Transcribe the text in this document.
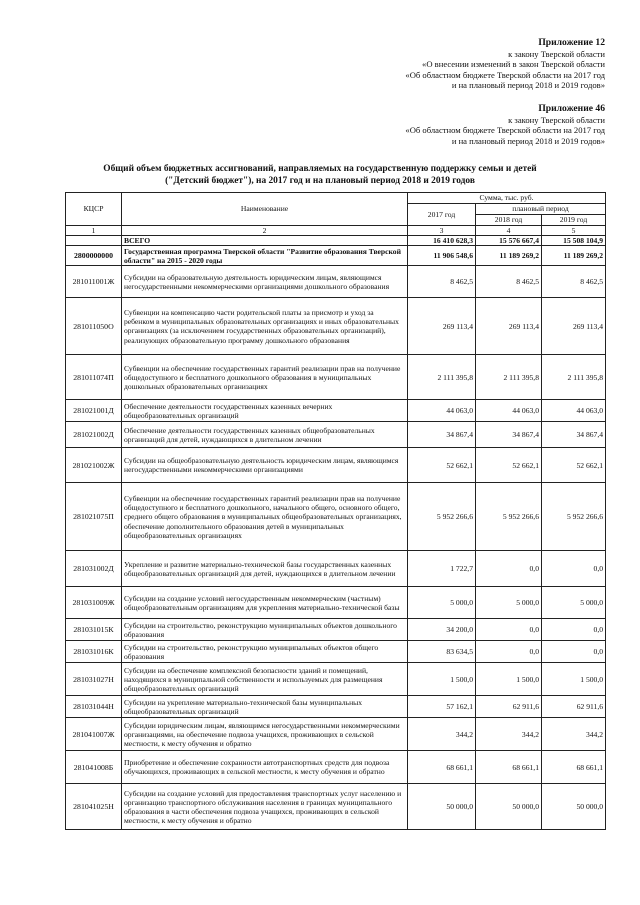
Приложение 12
к закону Тверской области
«О внесении изменений в закон Тверской области
«Об областном бюджете Тверской области на 2017 год
и на плановый период 2018 и 2019 годов»
Приложение 46
к закону Тверской области
«Об областном бюджете Тверской области на 2017 год
и на плановый период 2018 и 2019 годов»
Общий объем бюджетных ассигнований, направляемых на государственную поддержку семьи и детей
("Детский бюджет"), на 2017 год и на плановый период 2018 и 2019 годов
КЦСР	Наименование	Сумма, тыс. руб.		
		2017 год	плановый период	
			2018 год	2019 год
1	2	3	4	5
	ВСЕГО	16 410 628,3	15 576 667,4	15 508 104,9
2800000000	Государственная программа Тверской области "Развитие образования Тверской области" на 2015 - 2020 годы	11 906 548,6	11 189 269,2	11 189 269,2
281011001Ж	Субсидии на образовательную деятельность юридическим лицам, являющимся негосударственными некоммерческими организациями дошкольного образования	8 462,5	8 462,5	8 462,5
281011050О	Субвенции на компенсацию части родительской платы за присмотр и уход за ребенком в муниципальных образовательных организациях и иных образовательных организациях (за исключением государственных образовательных организаций), реализующих образовательную программу дошкольного образования	269 113,4	269 113,4	269 113,4
281011074П	Субвенции на обеспечение государственных гарантий реализации прав на получение общедоступного и бесплатного дошкольного образования в муниципальных дошкольных образовательных организациях	2 111 395,8	2 111 395,8	2 111 395,8
281021001Д	Обеспечение деятельности государственных казенных вечерних общеобразовательных организаций	44 063,0	44 063,0	44 063,0
281021002Д	Обеспечение деятельности государственных казенных общеобразовательных организаций для детей, нуждающихся в длительном лечении	34 867,4	34 867,4	34 867,4
281021002Ж	Субсидии на общеобразовательную деятельность юридическим лицам, являющимся негосударственными некоммерческими организациями	52 662,1	52 662,1	52 662,1
281021075П	Субвенции на обеспечение государственных гарантий реализации прав на получение общедоступного и бесплатного дошкольного, начального общего, основного общего, среднего общего образования в муниципальных общеобразовательных организациях, обеспечение дополнительного образования детей в муниципальных общеобразовательных организациях	5 952 266,6	5 952 266,6	5 952 266,6
281031002Д	Укрепление и развитие материально-технической базы государственных казенных общеобразовательных организаций для детей, нуждающихся в длительном лечении	1 722,7	0,0	0,0
281031009Ж	Субсидии на создание условий негосударственным некоммерческим (частным) общеобразовательным организациям для укрепления материально-технической базы	5 000,0	5 000,0	5 000,0
281031015К	Субсидии на строительство, реконструкцию муниципальных объектов дошкольного образования	34 200,0	0,0	0,0
281031016К	Субсидии на строительство, реконструкцию муниципальных объектов общего образования	83 634,5	0,0	0,0
281031027Н	Субсидии на обеспечение комплексной безопасности зданий и помещений, находящихся в муниципальной собственности и используемых для размещения общеобразовательных организаций	1 500,0	1 500,0	1 500,0
281031044Н	Субсидии на укрепление материально-технической базы муниципальных общеобразовательных организаций	57 162,1	62 911,6	62 911,6
281041007Ж	Субсидии юридическим лицам, являющимся негосударственными некоммерческими организациями, на обеспечение подвоза учащихся, проживающих в сельской местности, к месту обучения и обратно	344,2	344,2	344,2
281041008Б	Приобретение и обеспечение сохранности автотранспортных средств для подвоза обучающихся, проживающих в сельской местности, к месту обучения и обратно	68 661,1	68 661,1	68 661,1
281041025Н	Субсидии на создание условий для предоставления транспортных услуг населению и организацию транспортного обслуживания населения в границах муниципального образования в части обеспечения подвоза учащихся, проживающих в сельской местности, к месту обучения и обратно	50 000,0	50 000,0	50 000,0
